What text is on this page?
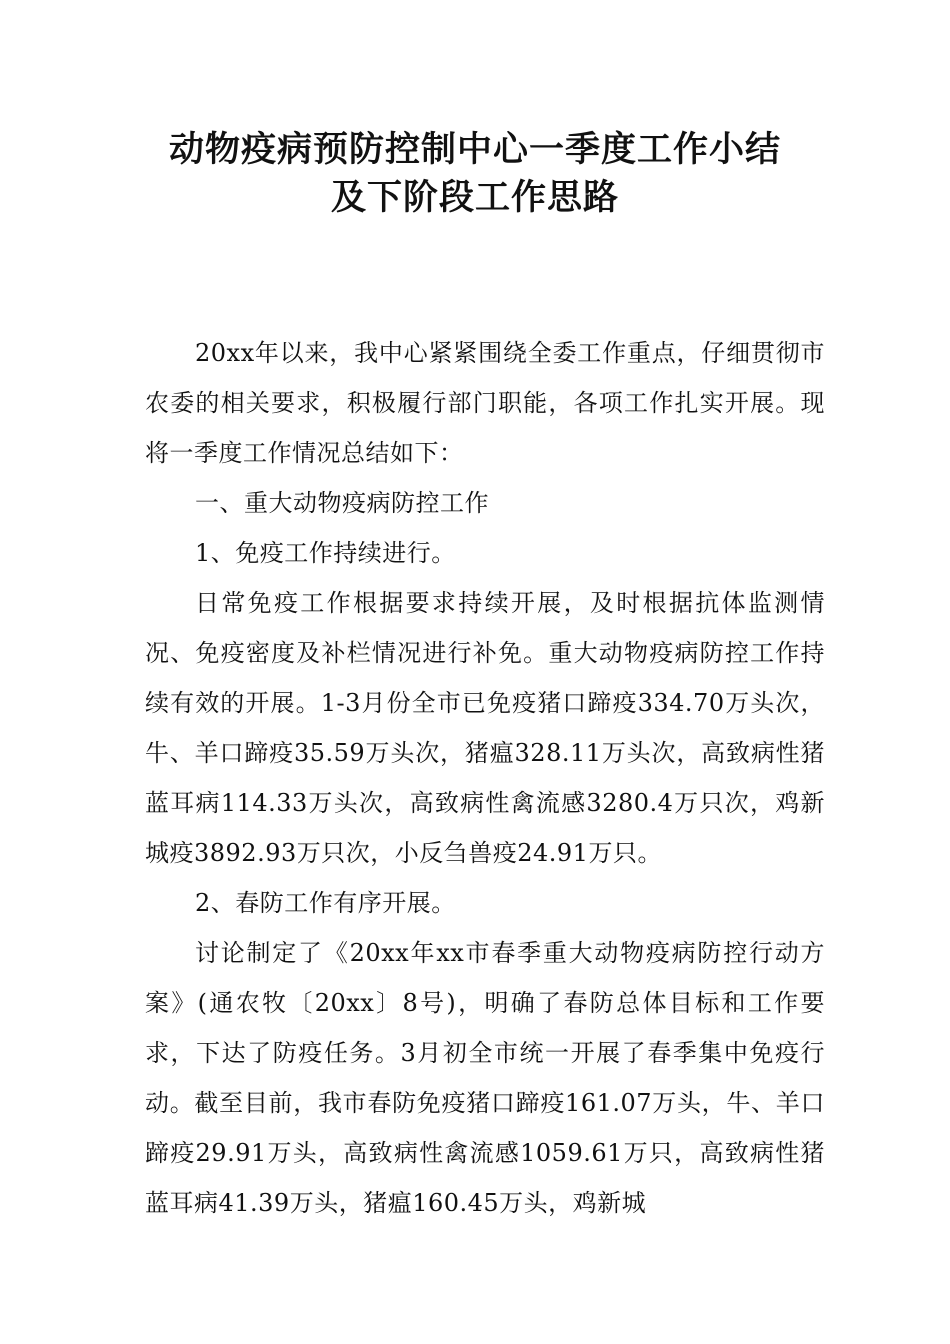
动物疫病预防控制中心一季度工作小结
及下阶段工作思路

20xx年以来，我中心紧紧围绕全委工作重点，仔细贯彻市农委的相关要求，积极履行部门职能，各项工作扎实开展。现将一季度工作情况总结如下：

一、重大动物疫病防控工作

1、免疫工作持续进行。

日常免疫工作根据要求持续开展，及时根据抗体监测情况、免疫密度及补栏情况进行补免。重大动物疫病防控工作持续有效的开展。1-3月份全市已免疫猪口蹄疫334.70万头次，牛、羊口蹄疫35.59万头次，猪瘟328.11万头次，高致病性猪蓝耳病114.33万头次，高致病性禽流感3280.4万只次，鸡新城疫3892.93万只次，小反刍兽疫24.91万只。

2、春防工作有序开展。

讨论制定了《20xx年xx市春季重大动物疫病防控行动方案》(通农牧〔20xx〕8号)，明确了春防总体目标和工作要求，下达了防疫任务。3月初全市统一开展了春季集中免疫行动。截至目前，我市春防免疫猪口蹄疫161.07万头，牛、羊口蹄疫29.91万头，高致病性禽流感1059.61万只，高致病性猪蓝耳病41.39万头，猪瘟160.45万头，鸡新城
